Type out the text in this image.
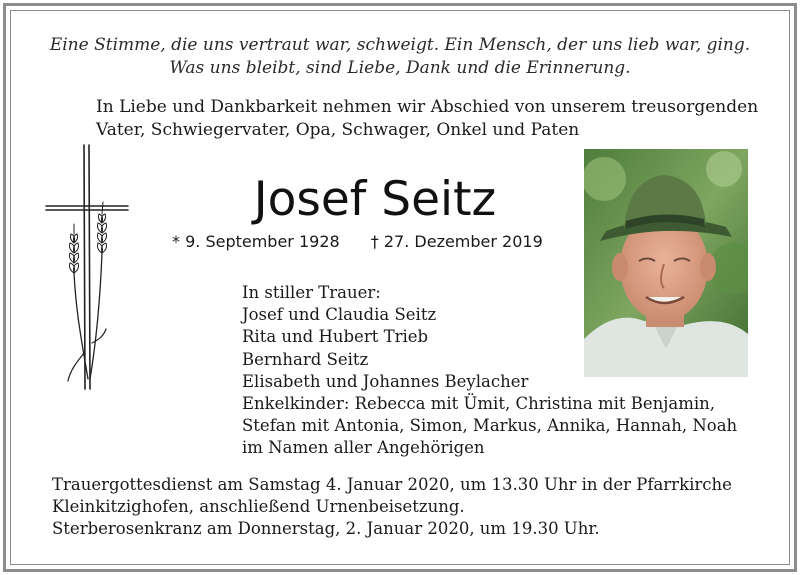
Eine Stimme, die uns vertraut war, schweigt. Ein Mensch, der uns lieb war, ging.
Was uns bleibt, sind Liebe, Dank und die Erinnerung.
In Liebe und Dankbarkeit nehmen wir Abschied von unserem treusorgenden
Vater, Schwiegervater, Opa, Schwager, Onkel und Paten
Josef Seitz
* 9. September 1928 † 27. Dezember 2019
In stiller Trauer:
Josef und Claudia Seitz
Rita und Hubert Trieb
Bernhard Seitz
Elisabeth und Johannes Beylacher
Enkelkinder: Rebecca mit Ümit, Christina mit Benjamin,
Stefan mit Antonia, Simon, Markus, Annika, Hannah, Noah
im Namen aller Angehörigen
Trauergottesdienst am Samstag 4. Januar 2020, um 13.30 Uhr in der Pfarrkirche
Kleinkitzighofen, anschließend Urnenbeisetzung.
Sterberosenkranz am Donnerstag, 2. Januar 2020, um 19.30 Uhr.
